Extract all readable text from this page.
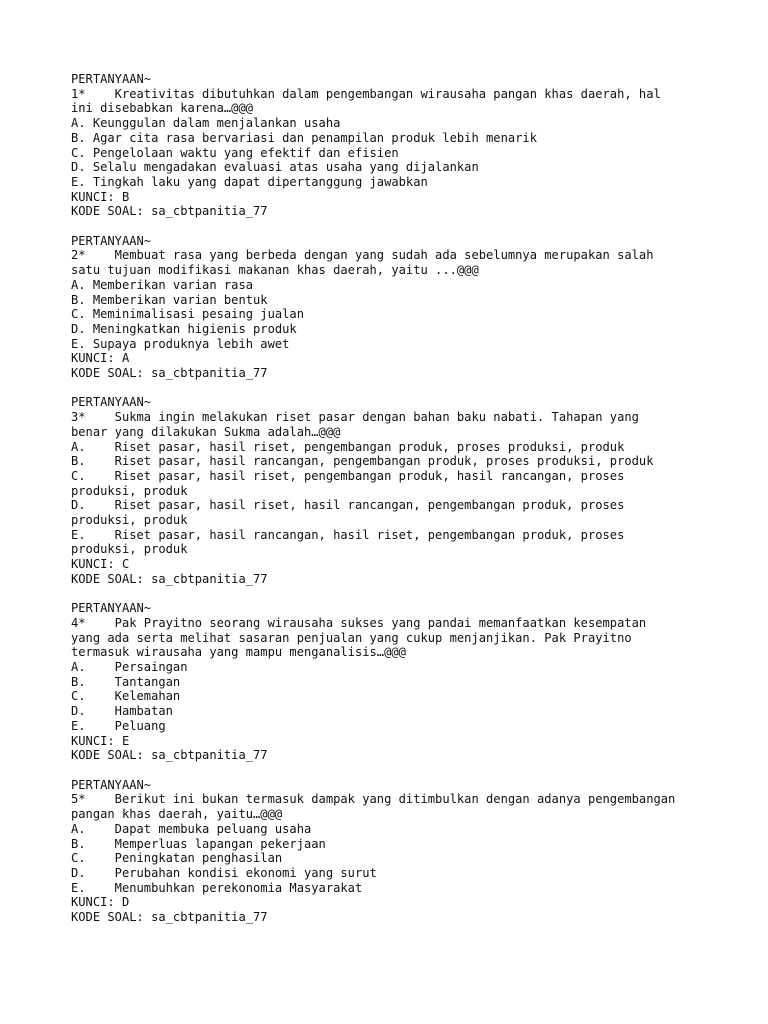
PERTANYAAN~
1*    Kreativitas dibutuhkan dalam pengembangan wirausaha pangan khas daerah, hal
ini disebabkan karena…@@@
A. Keunggulan dalam menjalankan usaha
B. Agar cita rasa bervariasi dan penampilan produk lebih menarik
C. Pengelolaan waktu yang efektif dan efisien
D. Selalu mengadakan evaluasi atas usaha yang dijalankan
E. Tingkah laku yang dapat dipertanggung jawabkan
KUNCI: B
KODE SOAL: sa_cbtpanitia_77
PERTANYAAN~
2*    Membuat rasa yang berbeda dengan yang sudah ada sebelumnya merupakan salah
satu tujuan modifikasi makanan khas daerah, yaitu ...@@@
A. Memberikan varian rasa
B. Memberikan varian bentuk
C. Meminimalisasi pesaing jualan
D. Meningkatkan higienis produk
E. Supaya produknya lebih awet
KUNCI: A
KODE SOAL: sa_cbtpanitia_77
PERTANYAAN~
3*    Sukma ingin melakukan riset pasar dengan bahan baku nabati. Tahapan yang
benar yang dilakukan Sukma adalah…@@@
A.    Riset pasar, hasil riset, pengembangan produk, proses produksi, produk
B.    Riset pasar, hasil rancangan, pengembangan produk, proses produksi, produk
C.    Riset pasar, hasil riset, pengembangan produk, hasil rancangan, proses
produksi, produk
D.    Riset pasar, hasil riset, hasil rancangan, pengembangan produk, proses
produksi, produk
E.    Riset pasar, hasil rancangan, hasil riset, pengembangan produk, proses
produksi, produk
KUNCI: C
KODE SOAL: sa_cbtpanitia_77
PERTANYAAN~
4*    Pak Prayitno seorang wirausaha sukses yang pandai memanfaatkan kesempatan
yang ada serta melihat sasaran penjualan yang cukup menjanjikan. Pak Prayitno
termasuk wirausaha yang mampu menganalisis…@@@
A.    Persaingan
B.    Tantangan
C.    Kelemahan
D.    Hambatan
E.    Peluang
KUNCI: E
KODE SOAL: sa_cbtpanitia_77
PERTANYAAN~
5*    Berikut ini bukan termasuk dampak yang ditimbulkan dengan adanya pengembangan
pangan khas daerah, yaitu…@@@
A.    Dapat membuka peluang usaha
B.    Memperluas lapangan pekerjaan
C.    Peningkatan penghasilan
D.    Perubahan kondisi ekonomi yang surut
E.    Menumbuhkan perekonomia Masyarakat
KUNCI: D
KODE SOAL: sa_cbtpanitia_77
